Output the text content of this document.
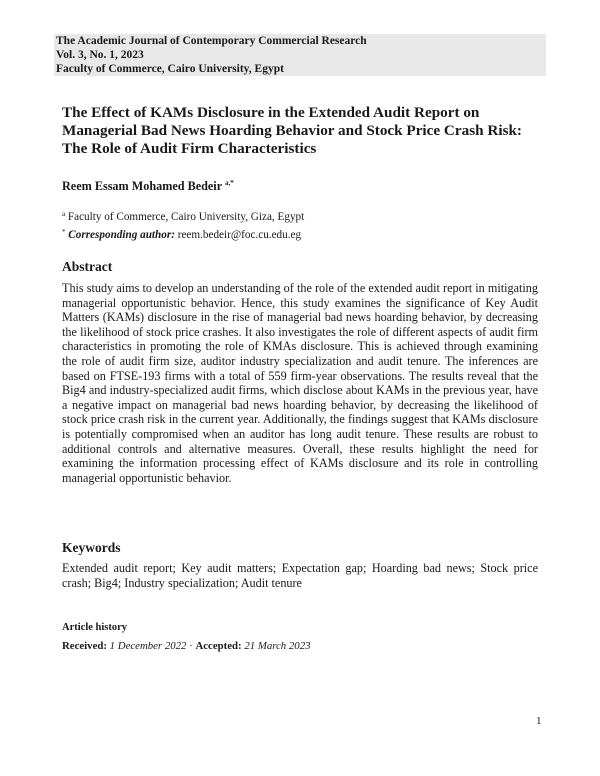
The Academic Journal of Contemporary Commercial Research
Vol. 3, No. 1, 2023
Faculty of Commerce, Cairo University, Egypt
The Effect of KAMs Disclosure in the Extended Audit Report on Managerial Bad News Hoarding Behavior and Stock Price Crash Risk: The Role of Audit Firm Characteristics
Reem Essam Mohamed Bedeir $^{a,*}$
$^a$ Faculty of Commerce, Cairo University, Giza, Egypt
* Corresponding author: reem.bedeir@foc.cu.edu.eg
Abstract

This study aims to develop an understanding of the role of the extended audit report in mitigating managerial opportunistic behavior. Hence, this study examines the significance of Key Audit Matters (KAMs) disclosure in the rise of managerial bad news hoarding behavior, by decreasing the likelihood of stock price crashes. It also investigates the role of different aspects of audit firm characteristics in promoting the role of KMAs disclosure. This is achieved through examining the role of audit firm size, auditor industry specialization and audit tenure. The inferences are based on FTSE-193 firms with a total of 559 firm-year observations. The results reveal that the Big4 and industry-specialized audit firms, which disclose about KAMs in the previous year, have a negative impact on managerial bad news hoarding behavior, by decreasing the likelihood of stock price crash risk in the current year. Additionally, the findings suggest that KAMs disclosure is potentially compromised when an auditor has long audit tenure. These results are robust to additional controls and alternative measures. Overall, these results highlight the need for examining the information processing effect of KAMs disclosure and its role in controlling managerial opportunistic behavior.

Keywords

Extended audit report; Key audit matters; Expectation gap; Hoarding bad news; Stock price crash; Big4; Industry specialization; Audit tenure

Article history
Received: 1 December 2022 · Accepted: 21 March 2023
1
